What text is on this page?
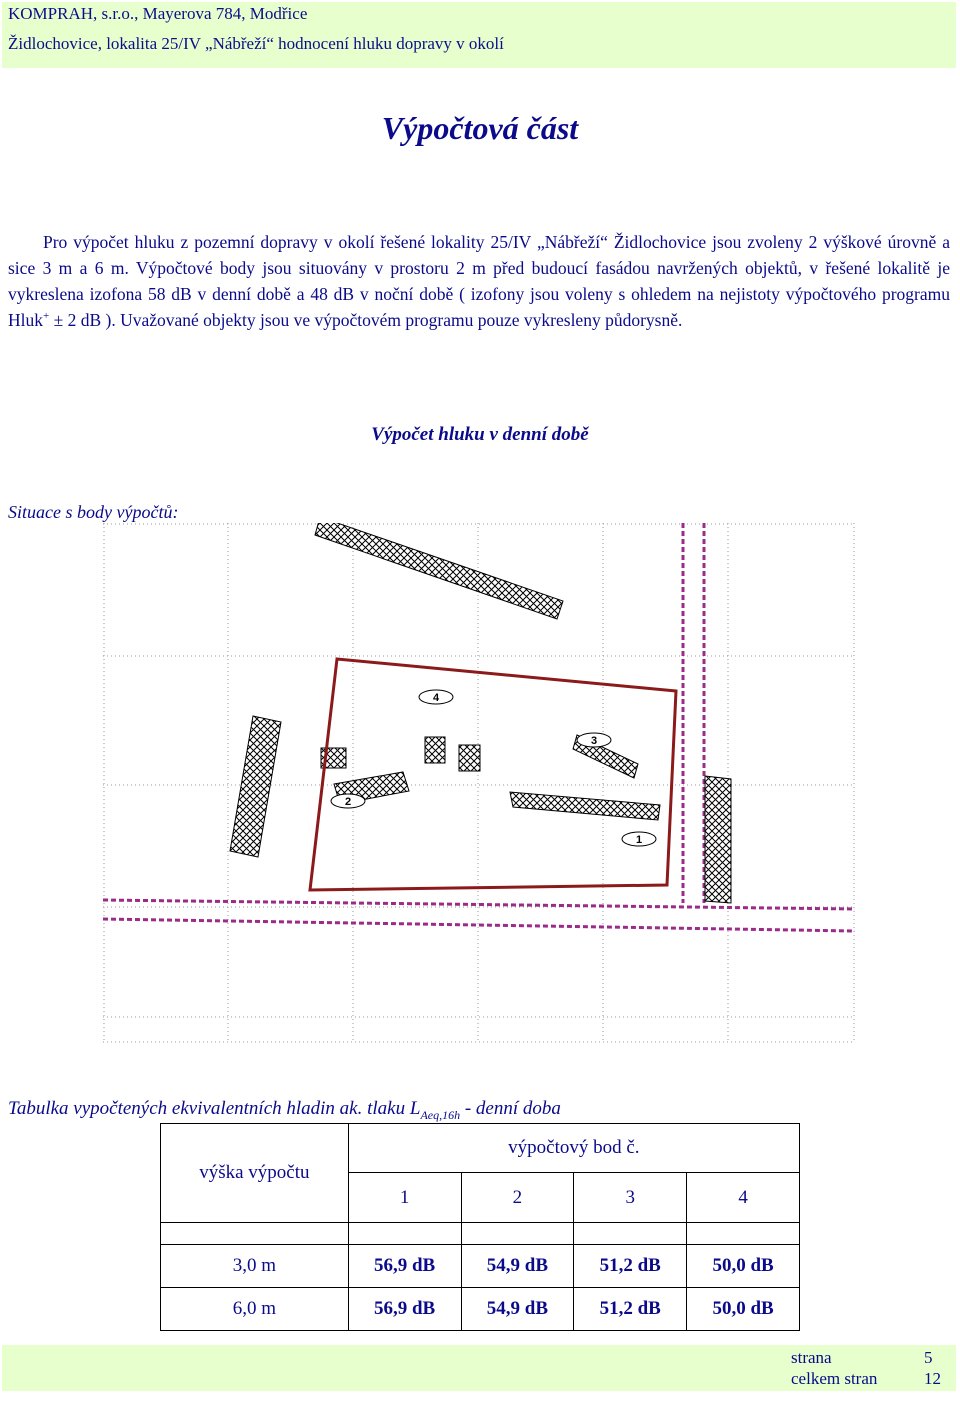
KOMPRAH, s.r.o., Mayerova 784, Modřice
Židlochovice, lokalita 25/IV „Nábřeží“ hodnocení hluku dopravy v okolí
Výpočtová část

Pro výpočet hluku z pozemní dopravy v okolí řešené lokality 25/IV „Nábřeží“ Židlochovice jsou zvoleny 2 výškové úrovně a sice 3 m a 6 m. Výpočtové body jsou situovány v prostoru 2 m před budoucí fasádou navržených objektů, v řešené lokalitě je vykreslena izofona 58 dB v denní době a 48 dB v noční době ( izofony jsou voleny s ohledem na nejistoty výpočtového programu Hluk+ ± 2 dB ). Uvažované objekty jsou ve výpočtovém programu pouze vykresleny půdorysně.

Výpočet hluku v denní době
Situace s body výpočtů:
4
3
2
1
Tabulka vypočtených ekvivalentních hladin ak. tlaku $L_{Aeq,16h}$ - denní doba
výška výpočtu	výpočtový bod č.			
	1	2	3	4

3,0 m	56,9 dB	54,9 dB	51,2 dB	50,0 dB
6,0 m	56,9 dB	54,9 dB	51,2 dB	50,0 dB
strana	5
celkem stran	12
